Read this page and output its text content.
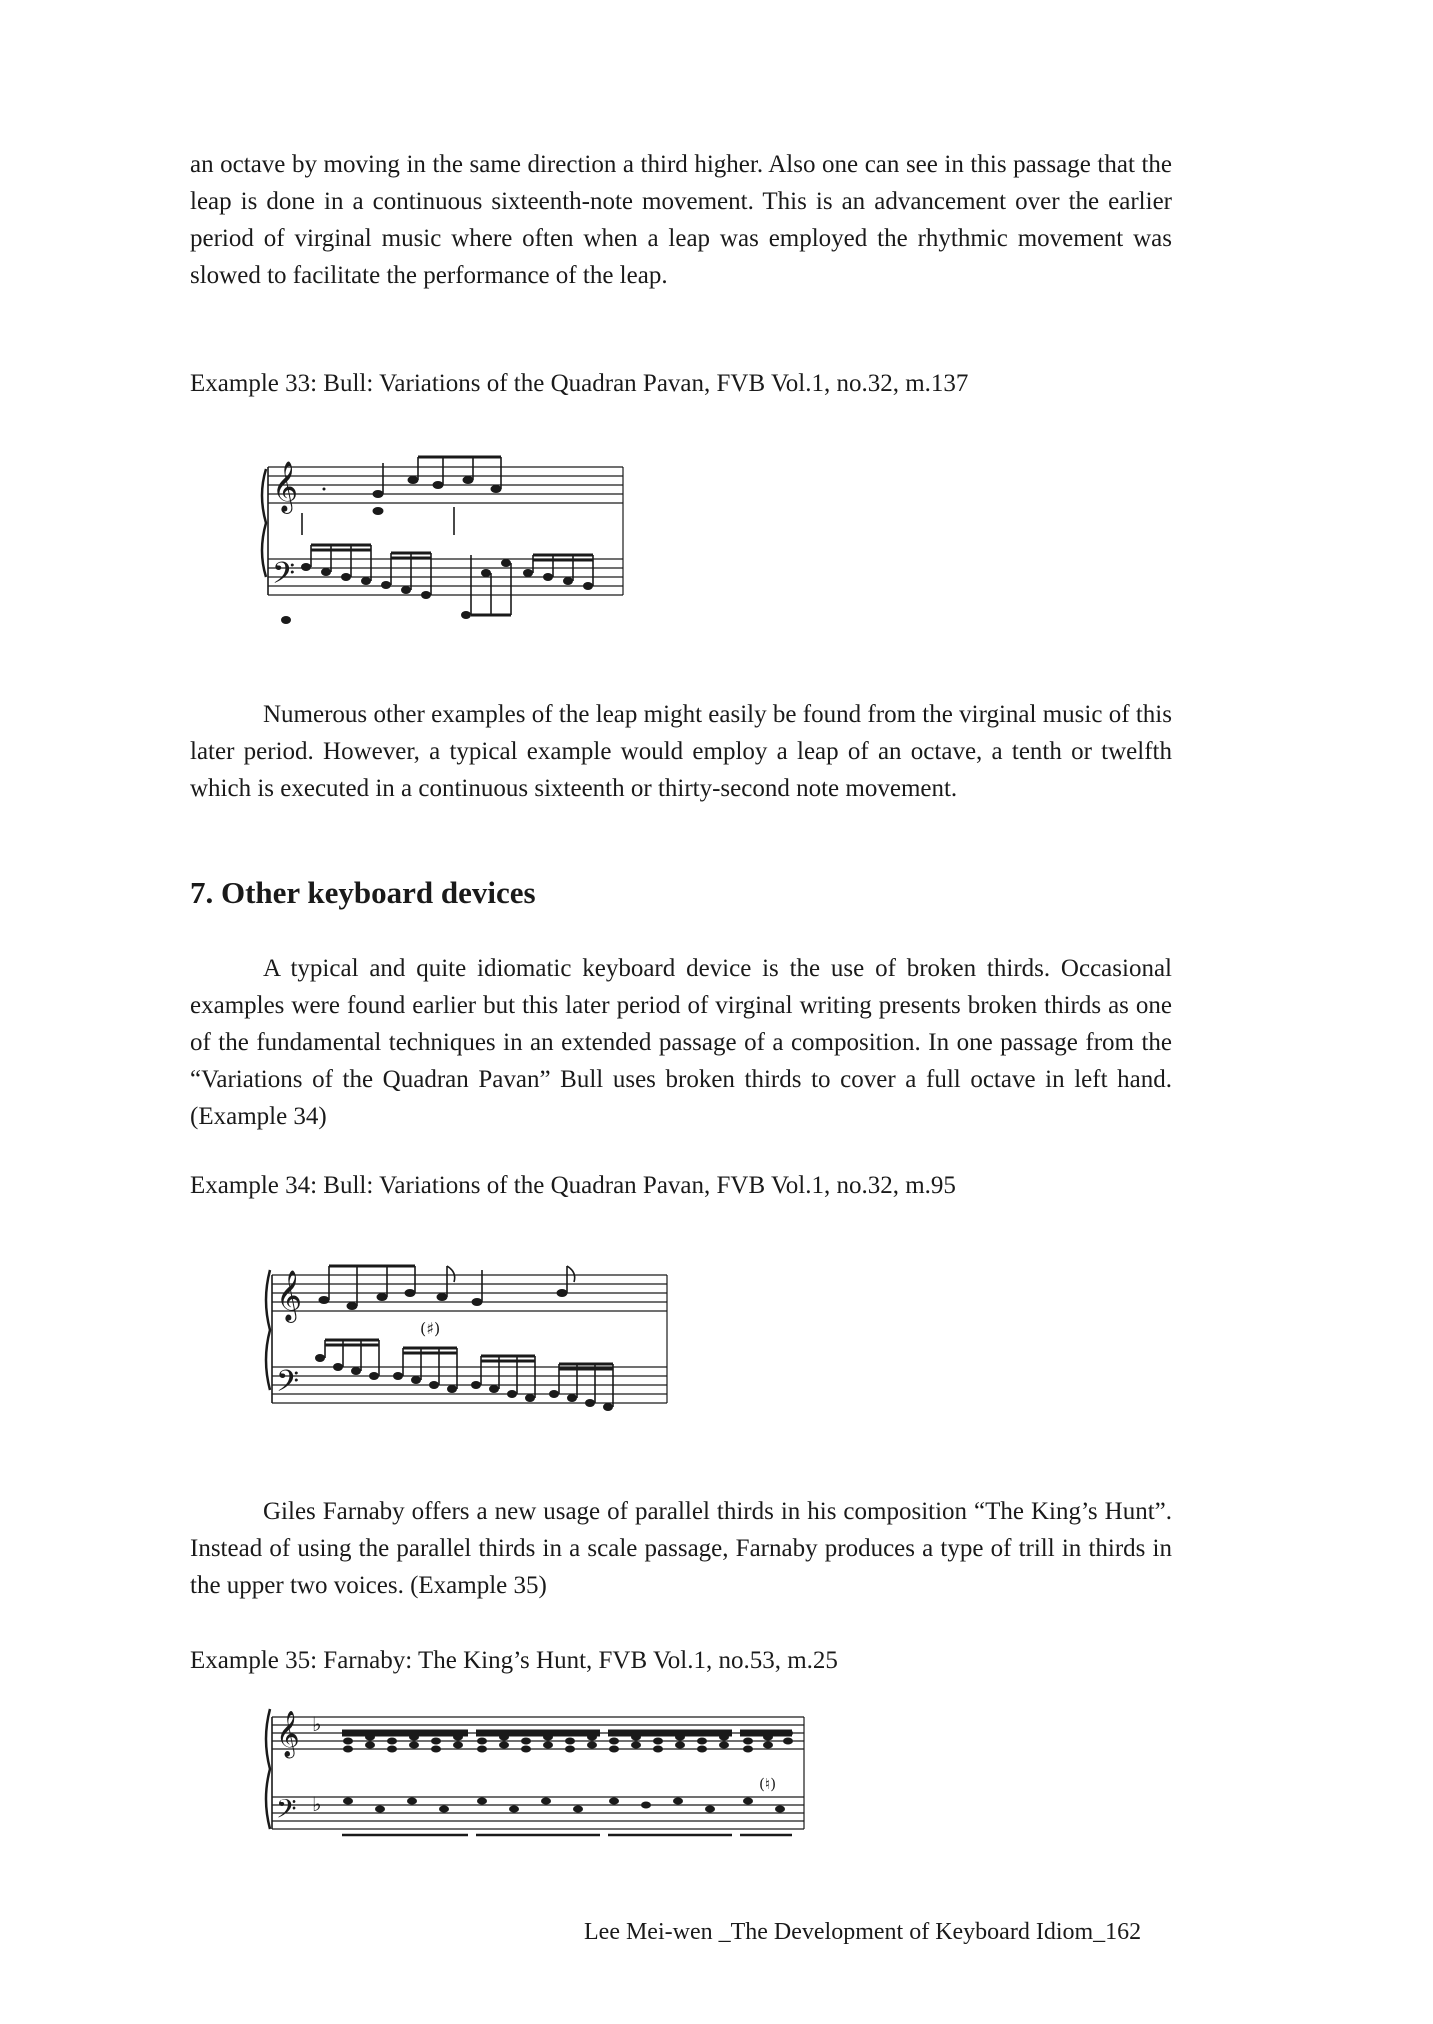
an octave by moving in the same direction a third higher. Also one can see in this passage that the leap is done in a continuous sixteenth-note movement. This is an advancement over the earlier period of virginal music where often when a leap was employed the rhythmic movement was slowed to facilitate the performance of the leap.

Example 33: Bull: Variations of the Quadran Pavan, FVB Vol.1, no.32, m.137

𝄞
𝄢

Numerous other examples of the leap might easily be found from the virginal music of this later period. However, a typical example would employ a leap of an octave, a tenth or twelfth which is executed in a continuous sixteenth or thirty-second note movement.

7. Other keyboard devices

A typical and quite idiomatic keyboard device is the use of broken thirds. Occasional examples were found earlier but this later period of virginal writing presents broken thirds as one of the fundamental techniques in an extended passage of a composition. In one passage from the “Variations of the Quadran Pavan” Bull uses broken thirds to cover a full octave in left hand. (Example 34)

Example 34: Bull: Variations of the Quadran Pavan, FVB Vol.1, no.32, m.95

𝄞
𝄢
(♯)

Giles Farnaby offers a new usage of parallel thirds in his composition “The King’s Hunt”. Instead of using the parallel thirds in a scale passage, Farnaby produces a type of trill in thirds in the upper two voices. (Example 35)

Example 35: Farnaby: The King’s Hunt, FVB Vol.1, no.53, m.25

𝄞
𝄢
♭
♭
(♮)

Lee Mei-wen _The Development of Keyboard Idiom_162
